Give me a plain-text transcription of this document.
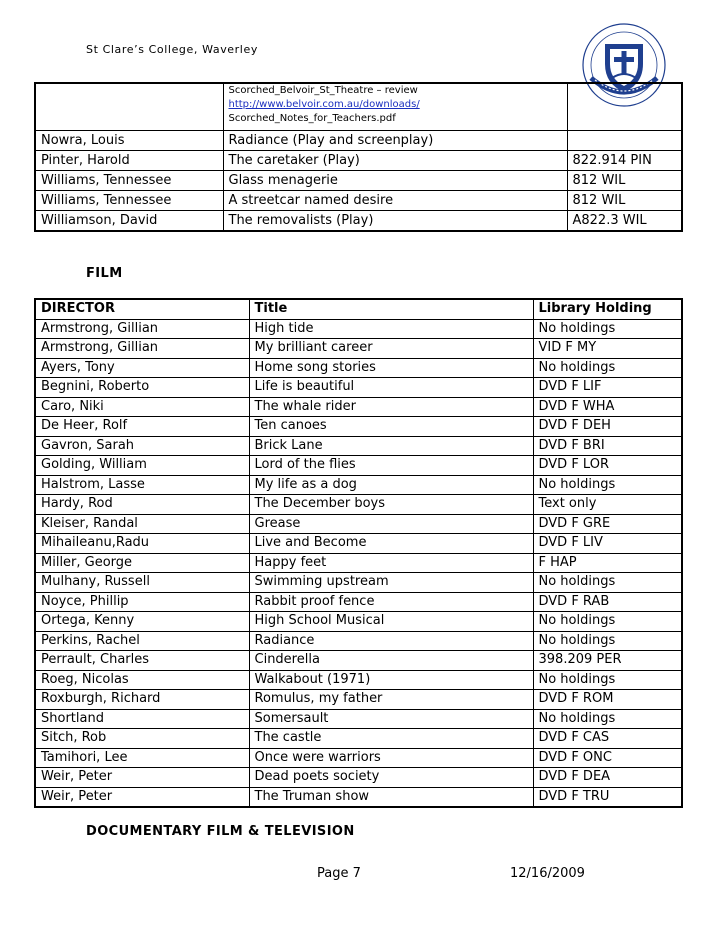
St Clare’s College, Waverley

	Scorched_Belvoir_St_Theatre – review
http://www.belvoir.com.au/downloads/
Scorched_Notes_for_Teachers.pdf	

Nowra, Louis	Radiance (Play and screenplay)	
Pinter, Harold	The caretaker (Play)	822.914 PIN
Williams, Tennessee	Glass menagerie	812 WIL
Williams, Tennessee	A streetcar named desire	812 WIL
Williamson, David	The removalists (Play)	A822.3 WIL
FILM
DIRECTOR	Title	Library Holding
Armstrong, Gillian	High tide	No holdings
Armstrong, Gillian	My brilliant career	VID F MY
Ayers, Tony	Home song stories	No holdings
Begnini, Roberto	Life is beautiful	DVD F LIF
Caro, Niki	The whale rider	DVD F WHA
De Heer, Rolf	Ten canoes	DVD F DEH
Gavron, Sarah	Brick Lane	DVD F BRI
Golding, William	Lord of the flies	DVD F LOR
Halstrom, Lasse	My life as a dog	No holdings
Hardy, Rod	The December boys	Text only
Kleiser, Randal	Grease	DVD F GRE
Mihaileanu,Radu	Live and Become	DVD F LIV
Miller, George	Happy feet	F HAP
Mulhany, Russell	Swimming upstream	No holdings
Noyce, Phillip	Rabbit proof fence	DVD F RAB
Ortega, Kenny	High School Musical	No holdings
Perkins, Rachel	Radiance	No holdings
Perrault, Charles	Cinderella	398.209 PER
Roeg, Nicolas	Walkabout (1971)	No holdings
Roxburgh, Richard	Romulus, my father	DVD F ROM
Shortland	Somersault	No holdings
Sitch, Rob	The castle	DVD F CAS
Tamihori, Lee	Once were warriors	DVD F ONC
Weir, Peter	Dead poets society	DVD F DEA
Weir, Peter	The Truman show	DVD F TRU
DOCUMENTARY FILM & TELEVISION
Page 7	12/16/2009
